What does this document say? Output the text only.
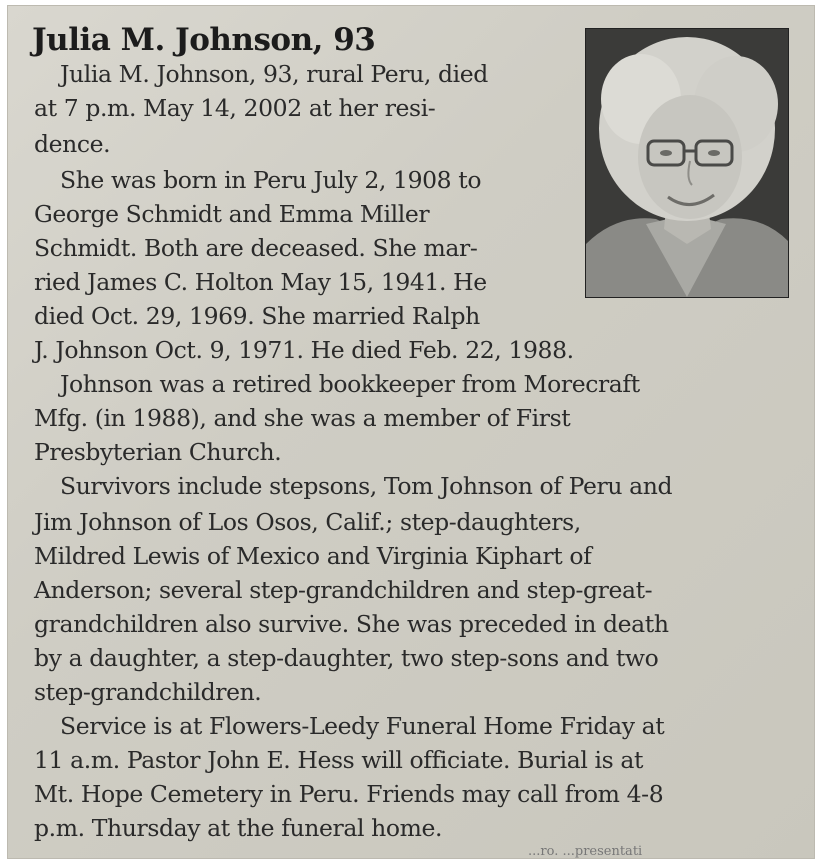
Julia M. Johnson, 93

Julia M. Johnson, 93, rural Peru, died

at 7 p.m. May 14, 2002 at her resi-

dence.

She was born in Peru July 2, 1908 to

George Schmidt and Emma Miller

Schmidt. Both are deceased. She mar-

ried James C. Holton May 15, 1941. He

died Oct. 29, 1969. She married Ralph

J. Johnson Oct. 9, 1971. He died Feb. 22, 1988.

Johnson was a retired bookkeeper from Morecraft

Mfg. (in 1988), and she was a member of First

Presbyterian Church.

Survivors include stepsons, Tom Johnson of Peru and

Jim Johnson of Los Osos, Calif.; step-daughters,

Mildred Lewis of Mexico and Virginia Kiphart of

Anderson; several step-grandchildren and step-great-

grandchildren also survive. She was preceded in death

by a daughter, a step-daughter, two step-sons and two

step-grandchildren.

Service is at Flowers-Leedy Funeral Home Friday at

11 a.m. Pastor John E. Hess will officiate. Burial is at

Mt. Hope Cemetery in Peru. Friends may call from 4-8

p.m. Thursday at the funeral home.

...ro. ...presentati
